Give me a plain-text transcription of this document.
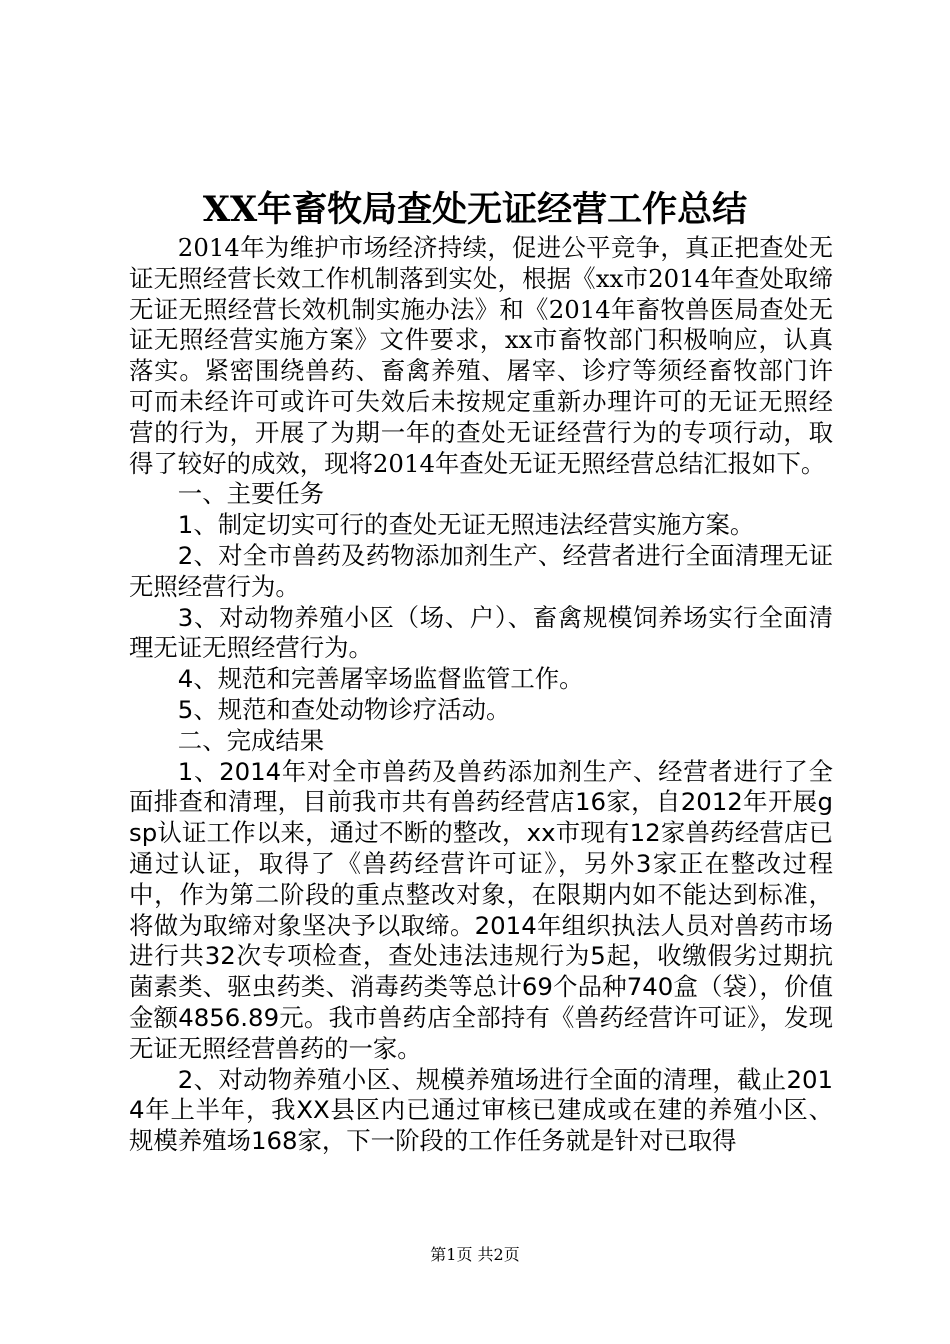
XX年畜牧局查处无证经营工作总结

2014年为维护市场经济持续，促进公平竞争，真正把查处无证无照经营长效工作机制落到实处，根据《xx市2014年查处取缔无证无照经营长效机制实施办法》和《2014年畜牧兽医局查处无证无照经营实施方案》文件要求，xx市畜牧部门积极响应，认真落实。紧密围绕兽药、畜禽养殖、屠宰、诊疗等须经畜牧部门许可而未经许可或许可失效后未按规定重新办理许可的无证无照经营的行为，开展了为期一年的查处无证经营行为的专项行动，取得了较好的成效，现将2014年查处无证无照经营总结汇报如下。

一、主要任务

1、制定切实可行的查处无证无照违法经营实施方案。

2、对全市兽药及药物添加剂生产、经营者进行全面清理无证无照经营行为。

3、对动物养殖小区（场、户）、畜禽规模饲养场实行全面清理无证无照经营行为。

4、规范和完善屠宰场监督监管工作。

5、规范和查处动物诊疗活动。

二、完成结果

1、2014年对全市兽药及兽药添加剂生产、经营者进行了全面排查和清理，目前我市共有兽药经营店16家，自2012年开展gsp认证工作以来，通过不断的整改，xx市现有12家兽药经营店已通过认证，取得了《兽药经营许可证》，另外3家正在整改过程中，作为第二阶段的重点整改对象，在限期内如不能达到标准，将做为取缔对象坚决予以取缔。2014年组织执法人员对兽药市场进行共32次专项检查，查处违法违规行为5起，收缴假劣过期抗菌素类、驱虫药类、消毒药类等总计69个品种740盒（袋），价值金额4856.89元。我市兽药店全部持有《兽药经营许可证》，发现无证无照经营兽药的一家。

2、对动物养殖小区、规模养殖场进行全面的清理，截止2014年上半年，我XX县区内已通过审核已建成或在建的养殖小区、规模养殖场168家，下一阶段的工作任务就是针对已取得

第1页 共2页
